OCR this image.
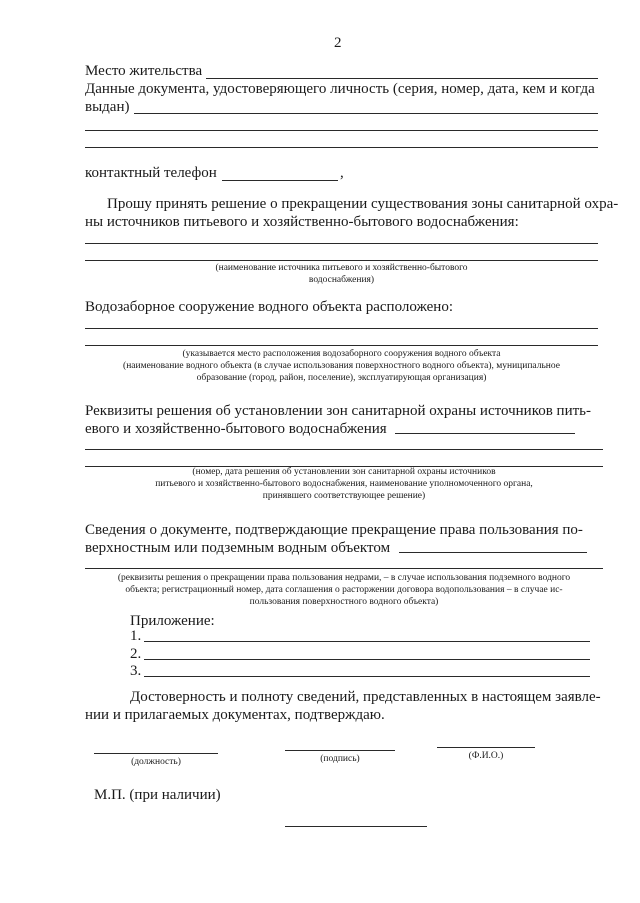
2
Место жительства
Данные документа, удостоверяющего личность (серия, номер, дата, кем и когда
выдан)
контактный телефон	,
Прошу принять решение о прекращении существования зоны санитарной охра-
ны источников питьевого и хозяйственно-бытового водоснабжения:
(наименование источника питьевого и хозяйственно-бытового
водоснабжения)
Водозаборное сооружение водного объекта расположено:
(указывается место расположения водозаборного сооружения водного объекта
(наименование водного объекта (в случае использования поверхностного водного объекта), муниципальное
образование (город, район, поселение), эксплуатирующая организация)
Реквизиты решения об установлении зон санитарной охраны источников пить-
евого и хозяйственно-бытового водоснабжения
(номер, дата решения об установлении зон санитарной охраны источников
питьевого и хозяйственно-бытового водоснабжения, наименование уполномоченного органа,
принявшего соответствующее решение)
Сведения о документе, подтверждающие прекращение права пользования по-
верхностным или подземным водным объектом
(реквизиты решения о прекращении права пользования недрами, – в случае использования подземного водного
объекта; регистрационный номер, дата соглашения о расторжении договора водопользования – в случае ис-
пользования поверхностного водного объекта)
Приложение:
1.
2.
3.
Достоверность и полноту сведений, представленных в настоящем заявле-
нии и прилагаемых документах, подтверждаю.
(должность)	(подпись)	(Ф.И.О.)
М.П. (при наличии)
